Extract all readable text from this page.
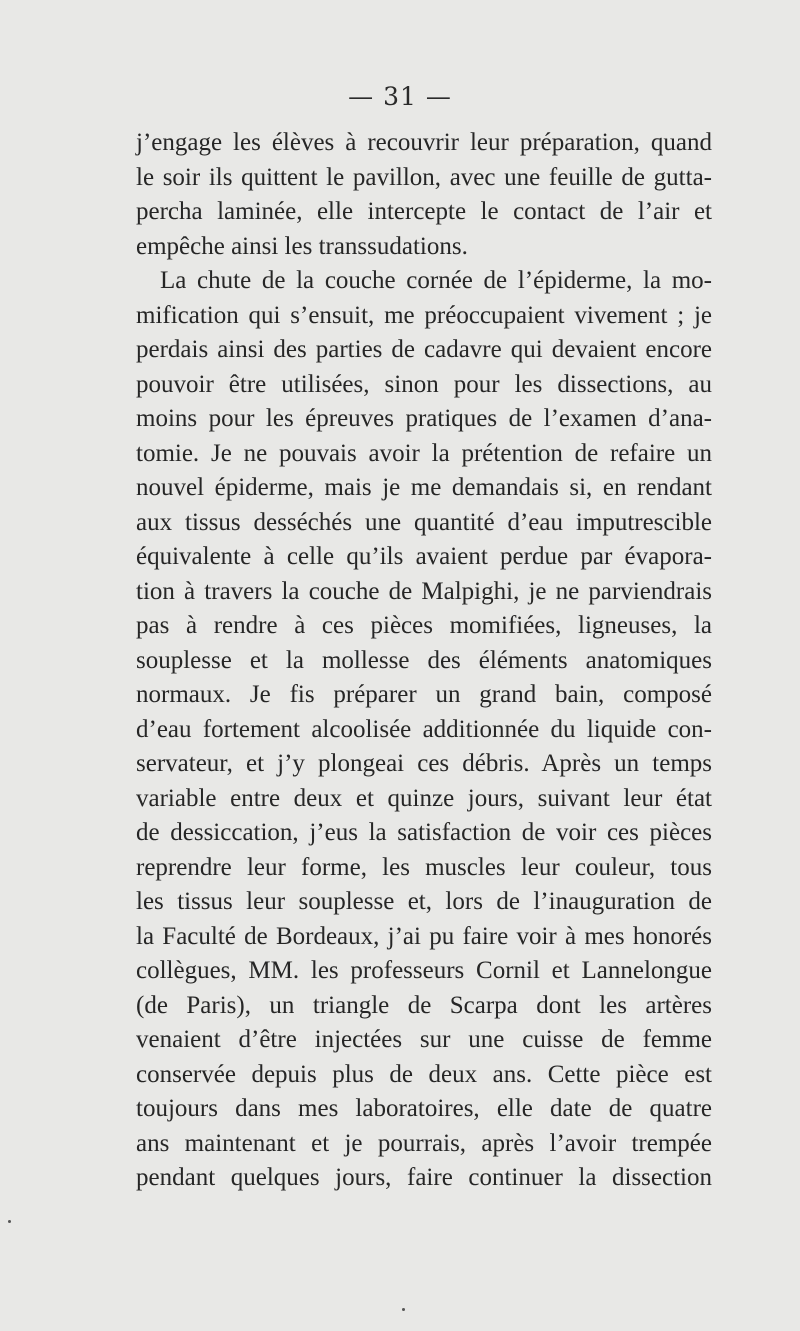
— 31 —
j’engage les élèves à recouvrir leur préparation, quand
le soir ils quittent le pavillon, avec une feuille de gutta-
percha laminée, elle intercepte le contact de l’air et
empêche ainsi les transsudations.
La chute de la couche cornée de l’épiderme, la mo-
mification qui s’ensuit, me préoccupaient vivement ; je
perdais ainsi des parties de cadavre qui devaient encore
pouvoir être utilisées, sinon pour les dissections, au
moins pour les épreuves pratiques de l’examen d’ana-
tomie. Je ne pouvais avoir la prétention de refaire un
nouvel épiderme, mais je me demandais si, en rendant
aux tissus desséchés une quantité d’eau imputrescible
équivalente à celle qu’ils avaient perdue par évapora-
tion à travers la couche de Malpighi, je ne parviendrais
pas à rendre à ces pièces momifiées, ligneuses, la
souplesse et la mollesse des éléments anatomiques
normaux. Je fis préparer un grand bain, composé
d’eau fortement alcoolisée additionnée du liquide con-
servateur, et j’y plongeai ces débris. Après un temps
variable entre deux et quinze jours, suivant leur état
de dessiccation, j’eus la satisfaction de voir ces pièces
reprendre leur forme, les muscles leur couleur, tous
les tissus leur souplesse et, lors de l’inauguration de
la Faculté de Bordeaux, j’ai pu faire voir à mes honorés
collègues, MM. les professeurs Cornil et Lannelongue
(de Paris), un triangle de Scarpa dont les artères
venaient d’être injectées sur une cuisse de femme
conservée depuis plus de deux ans. Cette pièce est
toujours dans mes laboratoires, elle date de quatre
ans maintenant et je pourrais, après l’avoir trempée
pendant quelques jours, faire continuer la dissection
